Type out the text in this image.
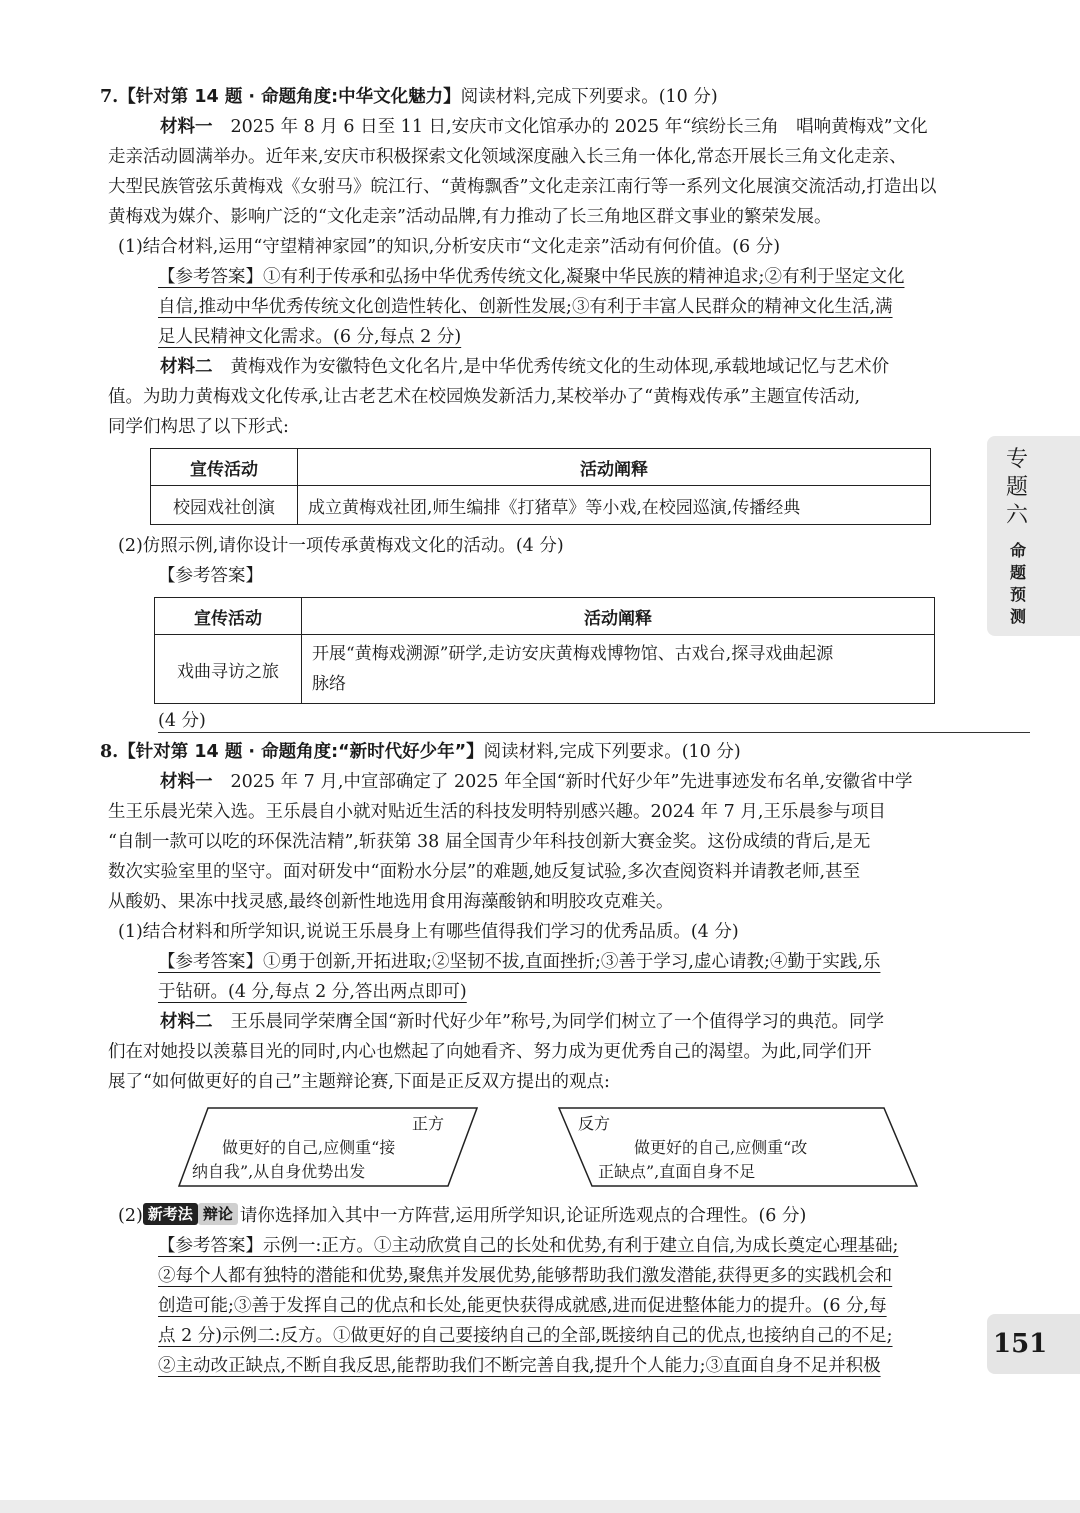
7.【针对第 14 题 · 命题角度:中华文化魅力】阅读材料,完成下列要求。(10 分)
材料一 2025 年 8 月 6 日至 11 日,安庆市文化馆承办的 2025 年“缤纷长三角　唱响黄梅戏”文化
走亲活动圆满举办。近年来,安庆市积极探索文化领域深度融入长三角一体化,常态开展长三角文化走亲、
大型民族管弦乐黄梅戏《女驸马》皖江行、“黄梅飘香”文化走亲江南行等一系列文化展演交流活动,打造出以
黄梅戏为媒介、影响广泛的“文化走亲”活动品牌,有力推动了长三角地区群文事业的繁荣发展。
(1)结合材料,运用“守望精神家园”的知识,分析安庆市“文化走亲”活动有何价值。(6 分)
【参考答案】①有利于传承和弘扬中华优秀传统文化,凝聚中华民族的精神追求;②有利于坚定文化
自信,推动中华优秀传统文化创造性转化、创新性发展;③有利于丰富人民群众的精神文化生活,满
足人民精神文化需求。(6 分,每点 2 分)
材料二 黄梅戏作为安徽特色文化名片,是中华优秀传统文化的生动体现,承载地域记忆与艺术价
值。为助力黄梅戏文化传承,让古老艺术在校园焕发新活力,某校举办了“黄梅戏传承”主题宣传活动,
同学们构思了以下形式:
宣传活动	活动阐释
校园戏社创演	成立黄梅戏社团,师生编排《打猪草》等小戏,在校园巡演,传播经典
(2)仿照示例,请你设计一项传承黄梅戏文化的活动。(4 分)
【参考答案】
宣传活动	活动阐释
戏曲寻访之旅	开展“黄梅戏溯源”研学,走访安庆黄梅戏博物馆、古戏台,探寻戏曲起源
脉络
(4 分)
8.【针对第 14 题 · 命题角度:“新时代好少年”】阅读材料,完成下列要求。(10 分)
材料一 2025 年 7 月,中宣部确定了 2025 年全国“新时代好少年”先进事迹发布名单,安徽省中学
生王乐晨光荣入选。王乐晨自小就对贴近生活的科技发明特别感兴趣。2024 年 7 月,王乐晨参与项目
“自制一款可以吃的环保洗洁精”,斩获第 38 届全国青少年科技创新大赛金奖。这份成绩的背后,是无
数次实验室里的坚守。面对研发中“面粉水分层”的难题,她反复试验,多次查阅资料并请教老师,甚至
从酸奶、果冻中找灵感,最终创新性地选用食用海藻酸钠和明胶攻克难关。
(1)结合材料和所学知识,说说王乐晨身上有哪些值得我们学习的优秀品质。(4 分)
【参考答案】①勇于创新,开拓进取;②坚韧不拔,直面挫折;③善于学习,虚心请教;④勤于实践,乐
于钻研。(4 分,每点 2 分,答出两点即可)
材料二 王乐晨同学荣膺全国“新时代好少年”称号,为同学们树立了一个值得学习的典范。同学
们在对她投以羡慕目光的同时,内心也燃起了向她看齐、努力成为更优秀自己的渴望。为此,同学们开
展了“如何做更好的自己”主题辩论赛,下面是正反双方提出的观点:
正方
做更好的自己,应侧重“接
纳自我”,从自身优势出发
反方
做更好的自己,应侧重“改
正缺点”,直面自身不足
(2) 新考法 辩论 请你选择加入其中一方阵营,运用所学知识,论证所选观点的合理性。(6 分)
【参考答案】示例一:正方。①主动欣赏自己的长处和优势,有利于建立自信,为成长奠定心理基础;
②每个人都有独特的潜能和优势,聚焦并发展优势,能够帮助我们激发潜能,获得更多的实践机会和
创造可能;③善于发挥自己的优点和长处,能更快获得成就感,进而促进整体能力的提升。(6 分,每
点 2 分)示例二:反方。①做更好的自己要接纳自己的全部,既接纳自己的优点,也接纳自己的不足;
②主动改正缺点,不断自我反思,能帮助我们不断完善自我,提升个人能力;③直面自身不足并积极
专
题
六
命
题
预
测
151
